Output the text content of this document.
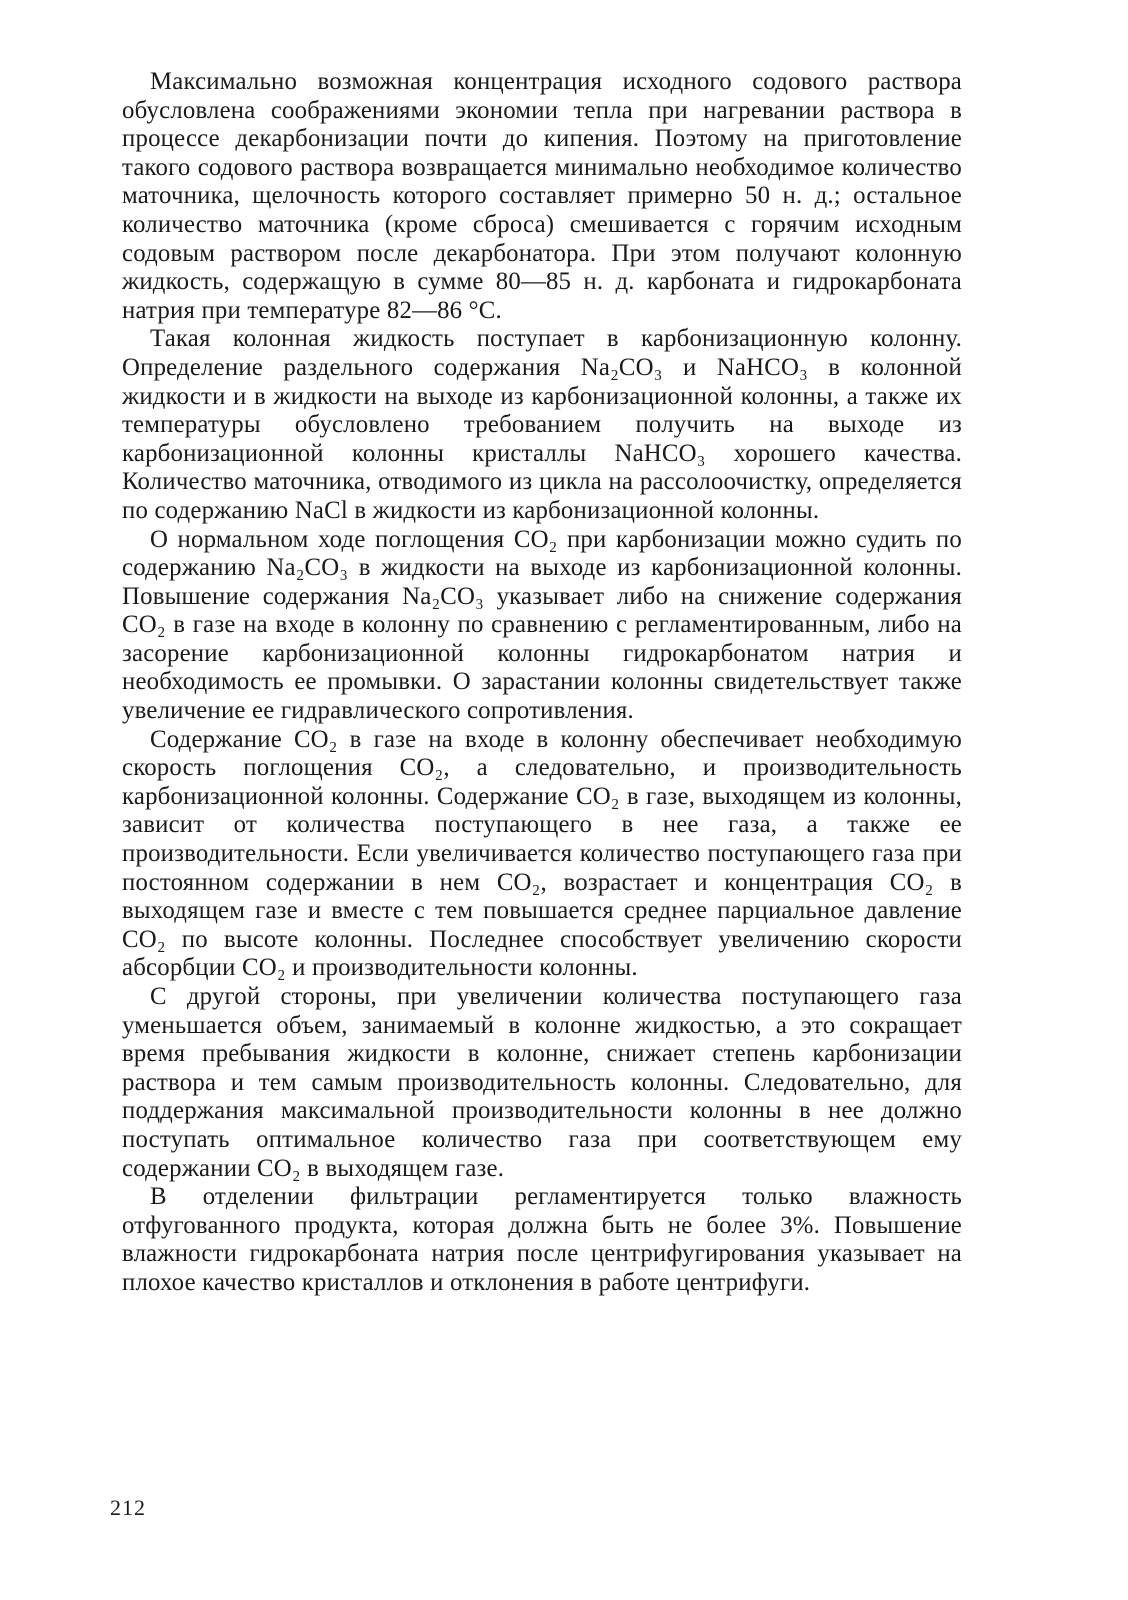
Максимально возможная концентрация исходного содового раствора обусловлена соображениями экономии тепла при нагревании раствора в процессе декарбонизации почти до кипения. Поэтому на приготовление такого содового раствора возвращается минимально необходимое количество маточника, щелочность которого составляет примерно 50 н. д.; остальное количество маточника (кроме сброса) смешивается с горячим исходным содовым раствором после декарбонатора. При этом получают колонную жидкость, содержащую в сумме 80—85 н. д. карбоната и гидрокарбоната натрия при температуре 82—86 °С.

Такая колонная жидкость поступает в карбонизационную колонну. Определение раздельного содержания Na₂CO₃ и NaHCO₃ в колонной жидкости и в жидкости на выходе из карбонизационной колонны, а также их температуры обусловлено требованием получить на выходе из карбонизационной колонны кристаллы NaHCO₃ хорошего качества. Количество маточника, отводимого из цикла на рассолоочистку, определяется по содержанию NaCl в жидкости из карбонизационной колонны.

О нормальном ходе поглощения CO₂ при карбонизации можно судить по содержанию Na₂CO₃ в жидкости на выходе из карбонизационной колонны. Повышение содержания Na₂CO₃ указывает либо на снижение содержания CO₂ в газе на входе в колонну по сравнению с регламентированным, либо на засорение карбонизационной колонны гидрокарбонатом натрия и необходимость ее промывки. О зарастании колонны свидетельствует также увеличение ее гидравлического сопротивления.

Содержание CO₂ в газе на входе в колонну обеспечивает необходимую скорость поглощения CO₂, а следовательно, и производительность карбонизационной колонны. Содержание CO₂ в газе, выходящем из колонны, зависит от количества поступающего в нее газа, а также ее производительности. Если увеличивается количество поступающего газа при постоянном содержании в нем CO₂, возрастает и концентрация CO₂ в выходящем газе и вместе с тем повышается среднее парциальное давление CO₂ по высоте колонны. Последнее способствует увеличению скорости абсорбции CO₂ и производительности колонны.

С другой стороны, при увеличении количества поступающего газа уменьшается объем, занимаемый в колонне жидкостью, а это сокращает время пребывания жидкости в колонне, снижает степень карбонизации раствора и тем самым производительность колонны. Следовательно, для поддержания максимальной производительности колонны в нее должно поступать оптимальное количество газа при соответствующем ему содержании CO₂ в выходящем газе.

В отделении фильтрации регламентируется только влажность отфугованного продукта, которая должна быть не более 3%. Повышение влажности гидрокарбоната натрия после центрифугирования указывает на плохое качество кристаллов и отклонения в работе центрифуги.

212
